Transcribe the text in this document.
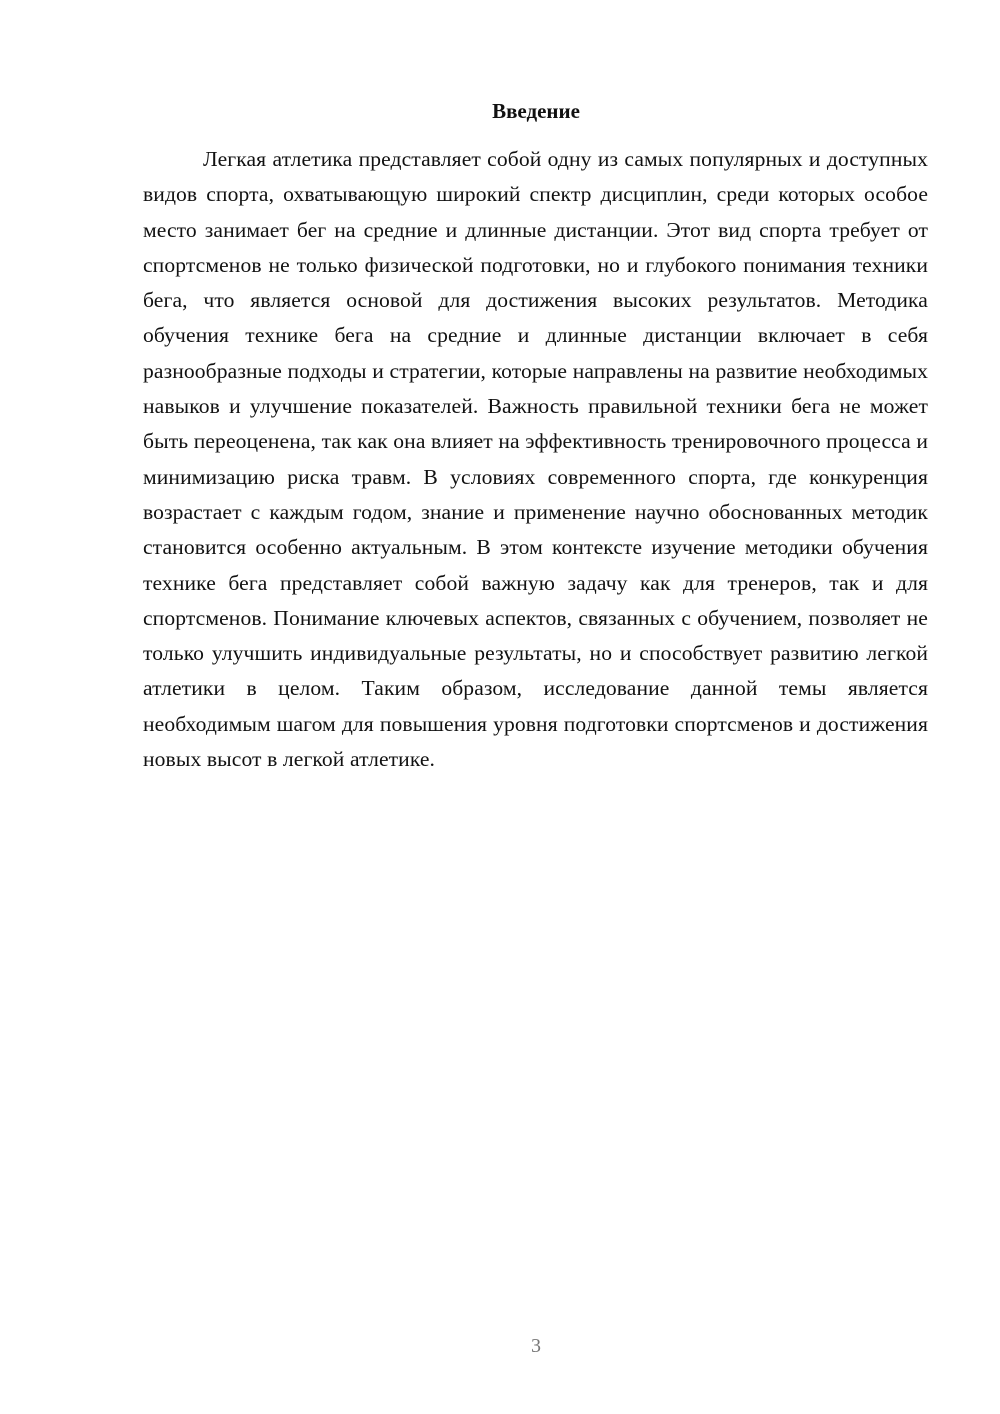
Введение

Легкая атлетика представляет собой одну из самых популярных и доступных видов спорта, охватывающую широкий спектр дисциплин, среди которых особое место занимает бег на средние и длинные дистанции. Этот вид спорта требует от спортсменов не только физической подготовки, но и глубокого понимания техники бега, что является основой для достижения высоких результатов. Методика обучения технике бега на средние и длинные дистанции включает в себя разнообразные подходы и стратегии, которые направлены на развитие необходимых навыков и улучшение показателей. Важность правильной техники бега не может быть переоценена, так как она влияет на эффективность тренировочного процесса и минимизацию риска травм. В условиях современного спорта, где конкуренция возрастает с каждым годом, знание и применение научно обоснованных методик становится особенно актуальным. В этом контексте изучение методики обучения технике бега представляет собой важную задачу как для тренеров, так и для спортсменов. Понимание ключевых аспектов, связанных с обучением, позволяет не только улучшить индивидуальные результаты, но и способствует развитию легкой атлетики в целом. Таким образом, исследование данной темы является необходимым шагом для повышения уровня подготовки спортсменов и достижения новых высот в легкой атлетике.

3
